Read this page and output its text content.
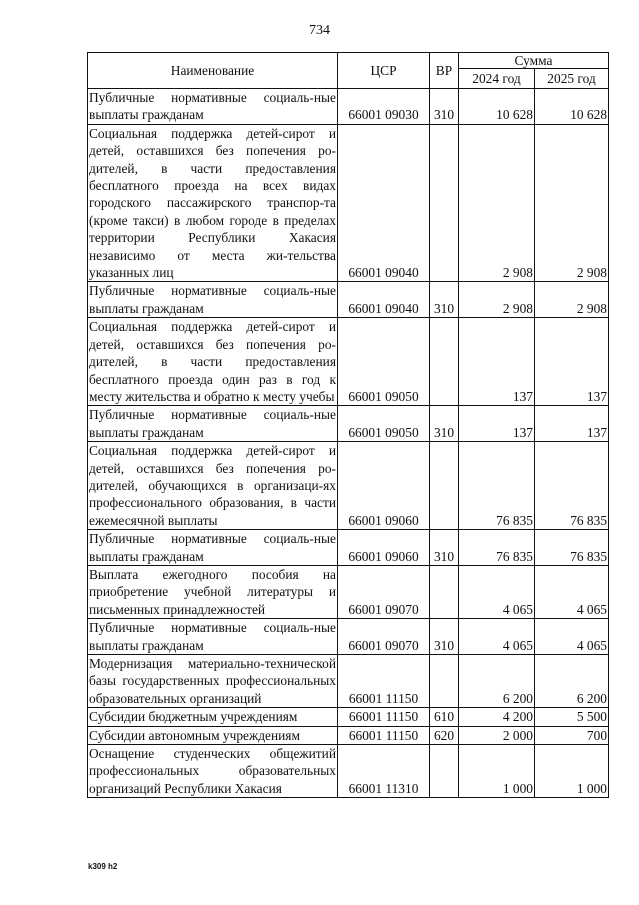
734
Наименование	ЦСР	ВР	Сумма	
			2024 год	2025 год
Публичные нормативные социаль-ные выплаты гражданам	66001 09030	310	10 628	10 628
Социальная поддержка детей-сирот и детей, оставшихся без попечения ро-дителей, в части предоставления бесплатного проезда на всех видах городского пассажирского транспор-та (кроме такси) в любом городе в пределах территории Республики Хакасия независимо от места жи-тельства указанных лиц	66001 09040		2 908	2 908
Публичные нормативные социаль-ные выплаты гражданам	66001 09040	310	2 908	2 908
Социальная поддержка детей-сирот и детей, оставшихся без попечения ро-дителей, в части предоставления бесплатного проезда один раз в год к месту жительства и обратно к месту учебы	66001 09050		137	137
Публичные нормативные социаль-ные выплаты гражданам	66001 09050	310	137	137
Социальная поддержка детей-сирот и детей, оставшихся без попечения ро-дителей, обучающихся в организаци-ях профессионального образования, в части ежемесячной выплаты	66001 09060		76 835	76 835
Публичные нормативные социаль-ные выплаты гражданам	66001 09060	310	76 835	76 835
Выплата ежегодного пособия на приобретение учебной литературы и письменных принадлежностей	66001 09070		4 065	4 065
Публичные нормативные социаль-ные выплаты гражданам	66001 09070	310	4 065	4 065
Модернизация материально-технической базы государственных профессиональных образовательных организаций	66001 11150		6 200	6 200
Субсидии бюджетным учреждениям	66001 11150	610	4 200	5 500
Субсидии автономным учреждениям	66001 11150	620	2 000	700
Оснащение студенческих общежитий профессиональных образовательных организаций Республики Хакасия	66001 11310		1 000	1 000
k309 h2
